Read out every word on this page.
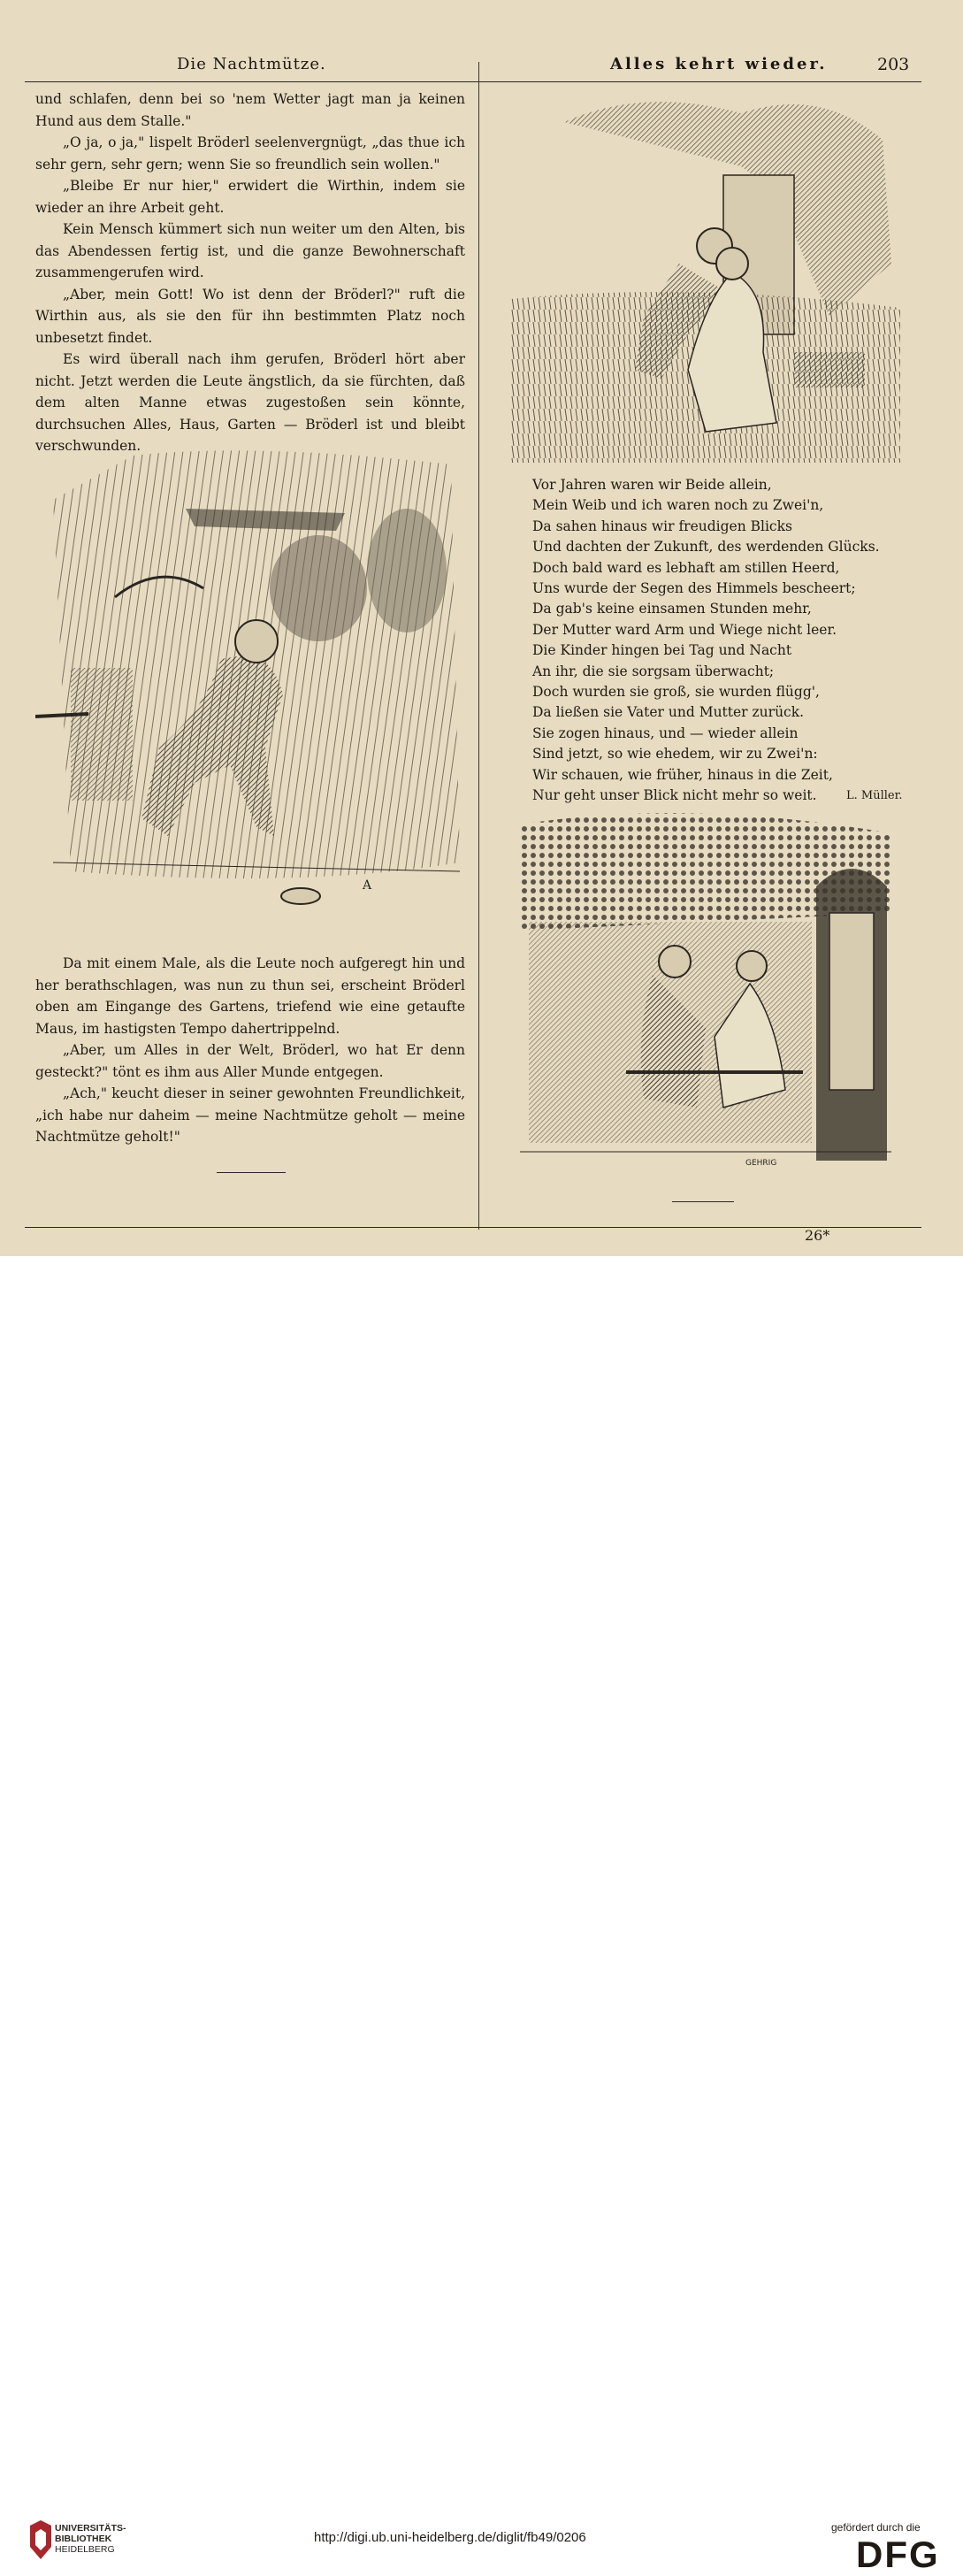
Die Nachtmütze.	Alles kehrt wieder.	203

und schlafen, denn bei so 'nem Wetter jagt man ja keinen Hund aus dem Stalle."

„O ja, o ja," lispelt Bröderl seelenvergnügt, „das thue ich sehr gern, sehr gern; wenn Sie so freundlich sein wollen."

„Bleibe Er nur hier," erwidert die Wirthin, indem sie wieder an ihre Arbeit geht.

Kein Mensch kümmert sich nun weiter um den Alten, bis das Abendessen fertig ist, und die ganze Bewohnerschaft zusammengerufen wird.

„Aber, mein Gott! Wo ist denn der Bröderl?" ruft die Wirthin aus, als sie den für ihn bestimmten Platz noch unbesetzt findet.

Es wird überall nach ihm gerufen, Bröderl hört aber nicht. Jetzt werden die Leute ängstlich, da sie fürchten, daß dem alten Manne etwas zugestoßen sein könnte, durchsuchen Alles, Haus, Garten — Bröderl ist und bleibt verschwunden.

A

Da mit einem Male, als die Leute noch aufgeregt hin und her berathschlagen, was nun zu thun sei, erscheint Bröderl oben am Eingange des Gartens, triefend wie eine getaufte Maus, im hastigsten Tempo dahertrippelnd.

„Aber, um Alles in der Welt, Bröderl, wo hat Er denn gesteckt?" tönt es ihm aus Aller Munde entgegen.

„Ach," keucht dieser in seiner gewohnten Freundlichkeit, „ich habe nur daheim — meine Nachtmütze geholt — meine Nachtmütze geholt!"

Vor Jahren waren wir Beide allein,
Mein Weib und ich waren noch zu Zwei'n,
Da sahen hinaus wir freudigen Blicks
Und dachten der Zukunft, des werdenden Glücks.
Doch bald ward es lebhaft am stillen Heerd,
Uns wurde der Segen des Himmels bescheert;
Da gab's keine einsamen Stunden mehr,
Der Mutter ward Arm und Wiege nicht leer.
Die Kinder hingen bei Tag und Nacht
An ihr, die sie sorgsam überwacht;
Doch wurden sie groß, sie wurden flügg',
Da ließen sie Vater und Mutter zurück.
Sie zogen hinaus, und — wieder allein
Sind jetzt, so wie ehedem, wir zu Zwei'n:
Wir schauen, wie früher, hinaus in die Zeit,
Nur geht unser Blick nicht mehr so weit.	L. Müller.
GEHRIG
26*
UNIVERSITÄTS-
BIBLIOTHEK
HEIDELBERG
http://digi.ub.uni-heidelberg.de/diglit/fb49/0206
gefördert durch die
DFG
